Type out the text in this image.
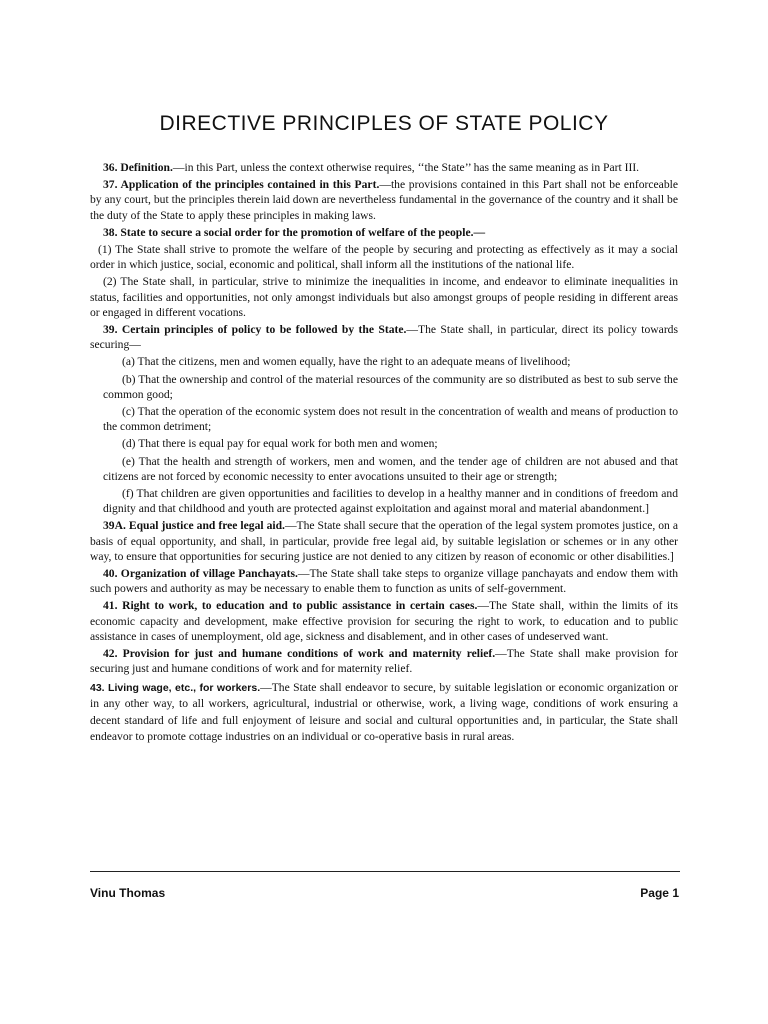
DIRECTIVE PRINCIPLES OF STATE POLICY

36. Definition.—in this Part, unless the context otherwise requires, ‘‘the State’’ has the same meaning as in Part III.

37. Application of the principles contained in this Part.—the provisions contained in this Part shall not be enforceable by any court, but the principles therein laid down are nevertheless fundamental in the governance of the country and it shall be the duty of the State to apply these principles in making laws.

38. State to secure a social order for the promotion of welfare of the people.—

(1) The State shall strive to promote the welfare of the people by securing and protecting as effectively as it may a social order in which justice, social, economic and political, shall inform all the institutions of the national life.

(2) The State shall, in particular, strive to minimize the inequalities in income, and endeavor to eliminate inequalities in status, facilities and opportunities, not only amongst individuals but also amongst groups of people residing in different areas or engaged in different vocations.

39. Certain principles of policy to be followed by the State.—The State shall, in particular, direct its policy towards securing—

(a) That the citizens, men and women equally, have the right to an adequate means of livelihood;

(b) That the ownership and control of the material resources of the community are so distributed as best to sub serve the common good;

(c) That the operation of the economic system does not result in the concentration of wealth and means of production to the common detriment;

(d) That there is equal pay for equal work for both men and women;

(e) That the health and strength of workers, men and women, and the tender age of children are not abused and that citizens are not forced by economic necessity to enter avocations unsuited to their age or strength;

(f) That children are given opportunities and facilities to develop in a healthy manner and in conditions of freedom and dignity and that childhood and youth are protected against exploitation and against moral and material abandonment.]

39A. Equal justice and free legal aid.—The State shall secure that the operation of the legal system promotes justice, on a basis of equal opportunity, and shall, in particular, provide free legal aid, by suitable legislation or schemes or in any other way, to ensure that opportunities for securing justice are not denied to any citizen by reason of economic or other disabilities.]

40. Organization of village Panchayats.—The State shall take steps to organize village panchayats and endow them with such powers and authority as may be necessary to enable them to function as units of self-government.

41. Right to work, to education and to public assistance in certain cases.—The State shall, within the limits of its economic capacity and development, make effective provision for securing the right to work, to education and to public assistance in cases of unemployment, old age, sickness and disablement, and in other cases of undeserved want.

42. Provision for just and humane conditions of work and maternity relief.—The State shall make provision for securing just and humane conditions of work and for maternity relief.

43. Living wage, etc., for workers.—The State shall endeavor to secure, by suitable legislation or economic organization or in any other way, to all workers, agricultural, industrial or otherwise, work, a living wage, conditions of work ensuring a decent standard of life and full enjoyment of leisure and social and cultural opportunities and, in particular, the State shall endeavor to promote cottage industries on an individual or co-operative basis in rural areas.

Vinu Thomas	Page 1
